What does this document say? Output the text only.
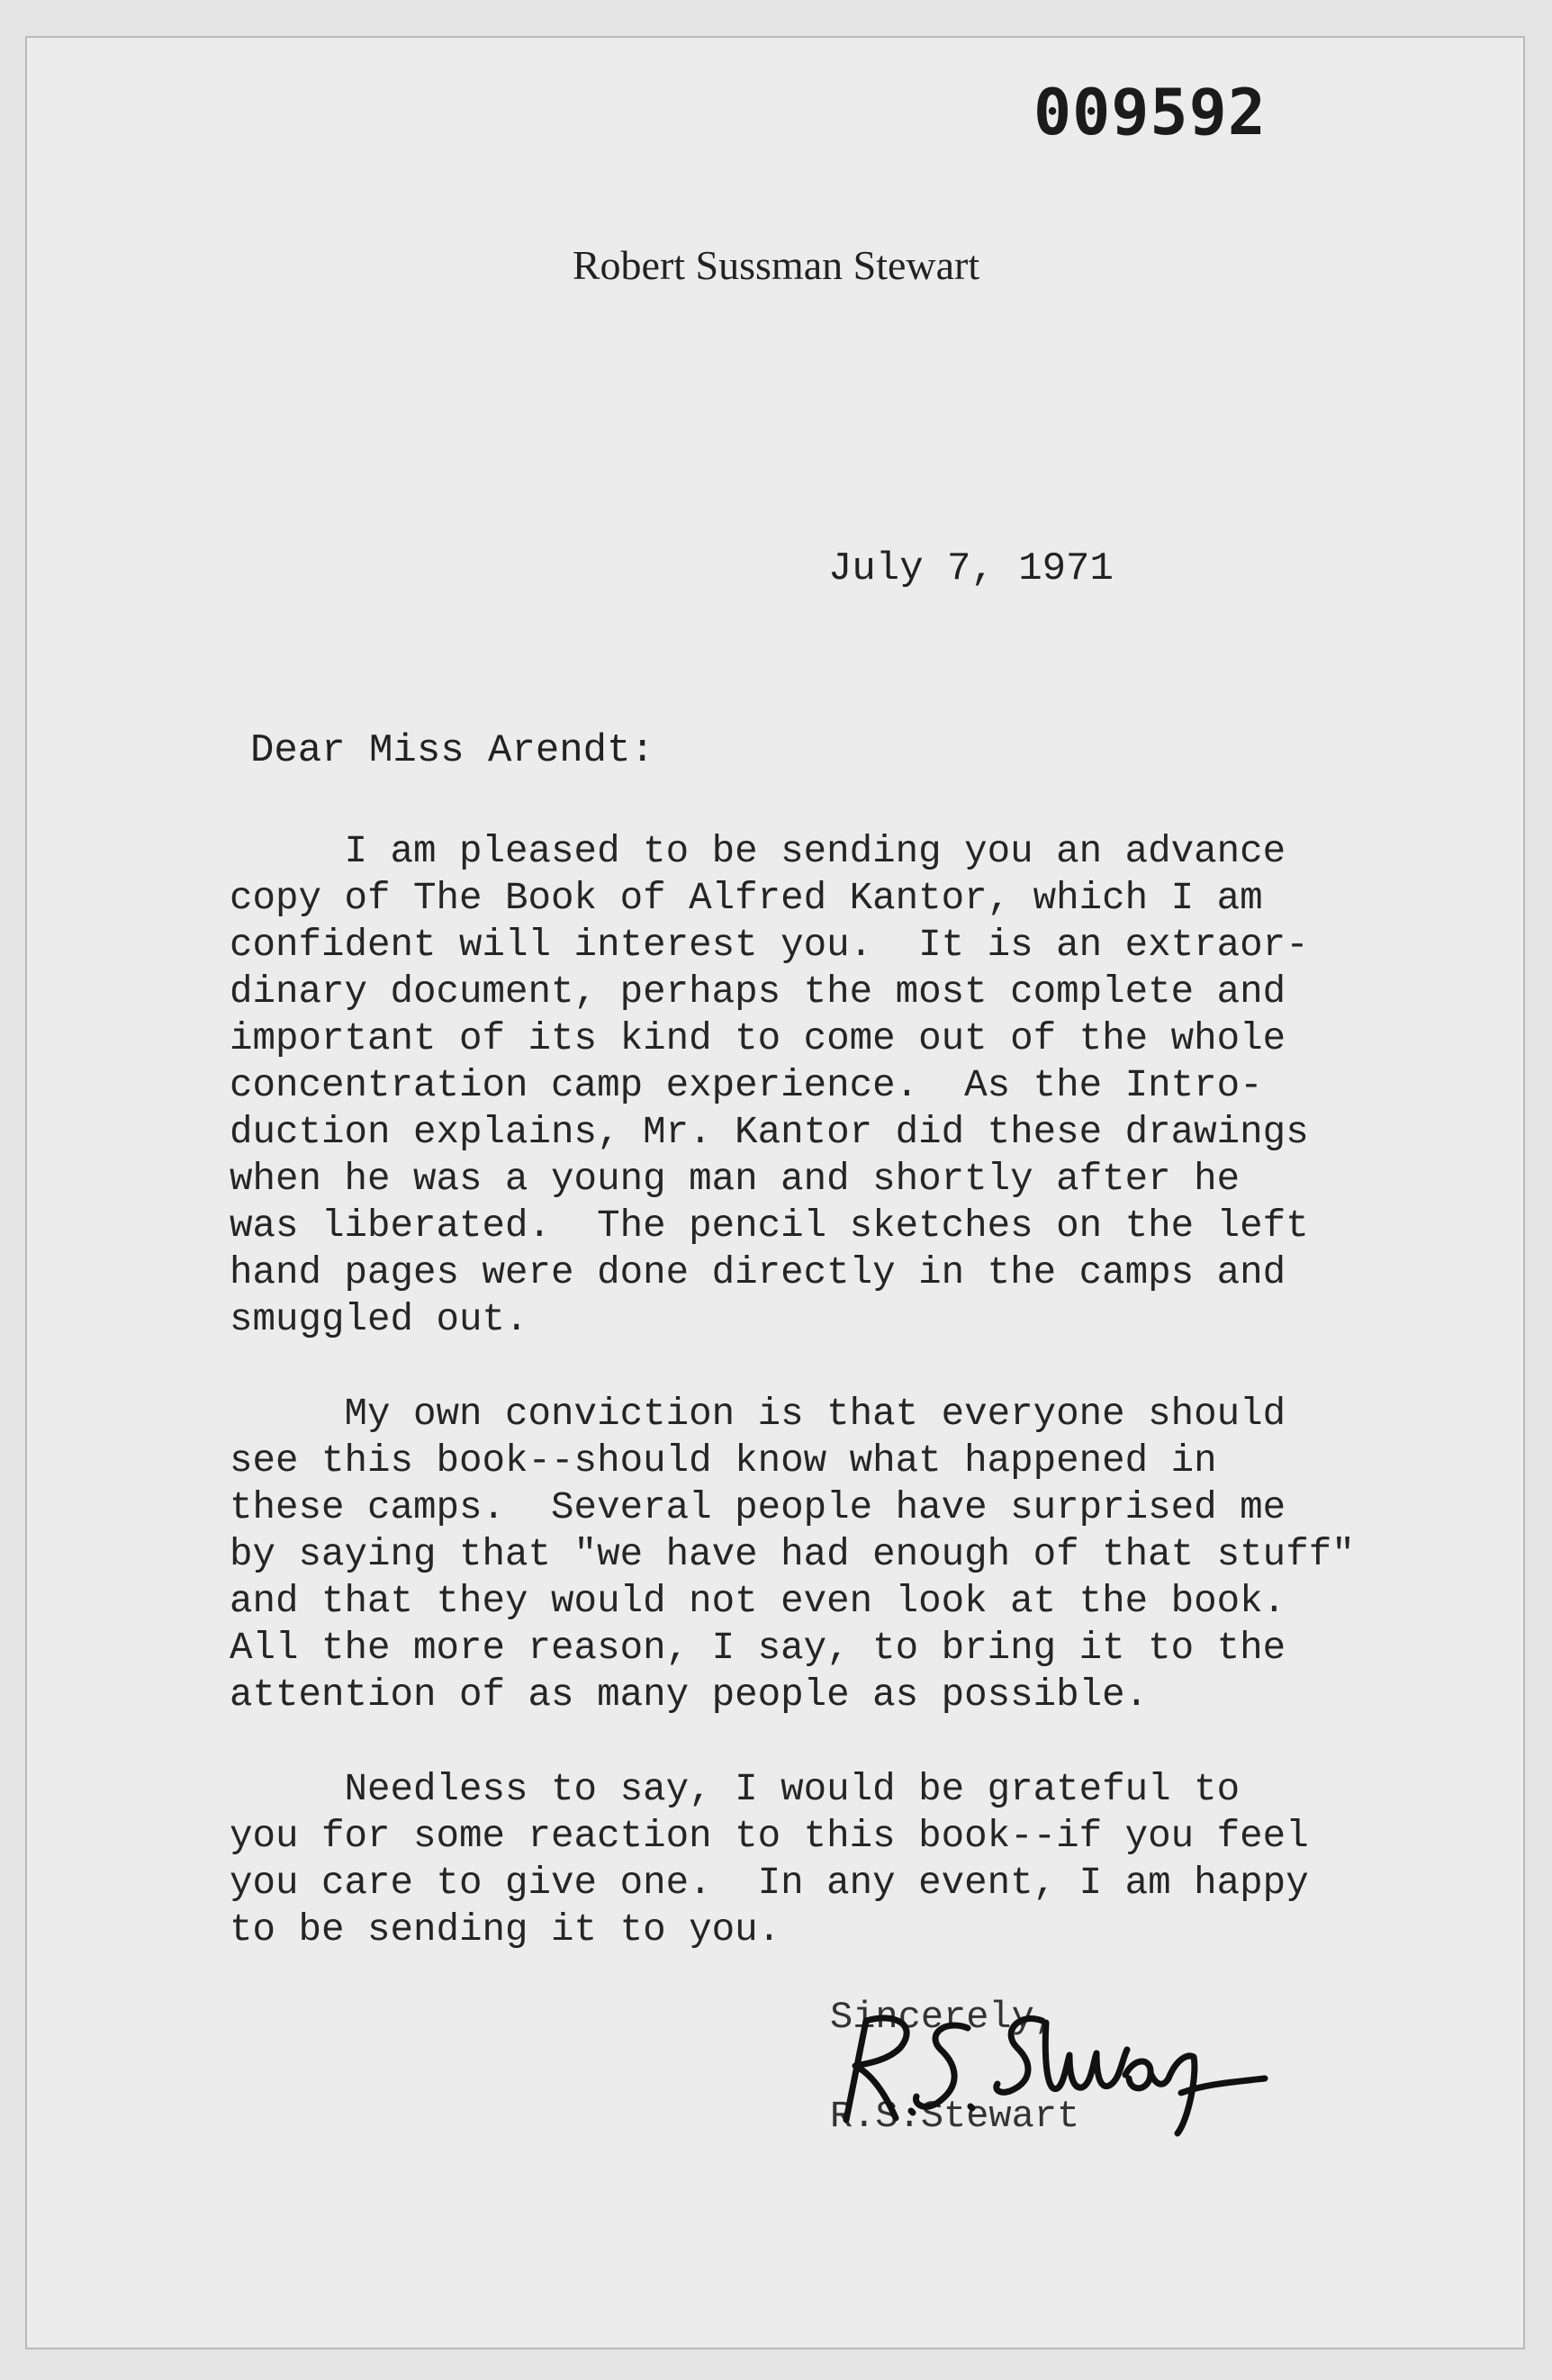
009592
Robert Sussman Stewart
July 7, 1971
Dear Miss Arendt:
I am pleased to be sending you an advance
copy of The Book of Alfred Kantor, which I am
confident will interest you.  It is an extraor-
dinary document, perhaps the most complete and
important of its kind to come out of the whole
concentration camp experience.  As the Intro-
duction explains, Mr. Kantor did these drawings
when he was a young man and shortly after he
was liberated.  The pencil sketches on the left
hand pages were done directly in the camps and
smuggled out.
My own conviction is that everyone should
see this book--should know what happened in
these camps.  Several people have surprised me
by saying that "we have had enough of that stuff"
and that they would not even look at the book.
All the more reason, I say, to bring it to the
attention of as many people as possible.
Needless to say, I would be grateful to
you for some reaction to this book--if you feel
you care to give one.  In any event, I am happy
to be sending it to you.
Sincerely,
R.S.Stewart
